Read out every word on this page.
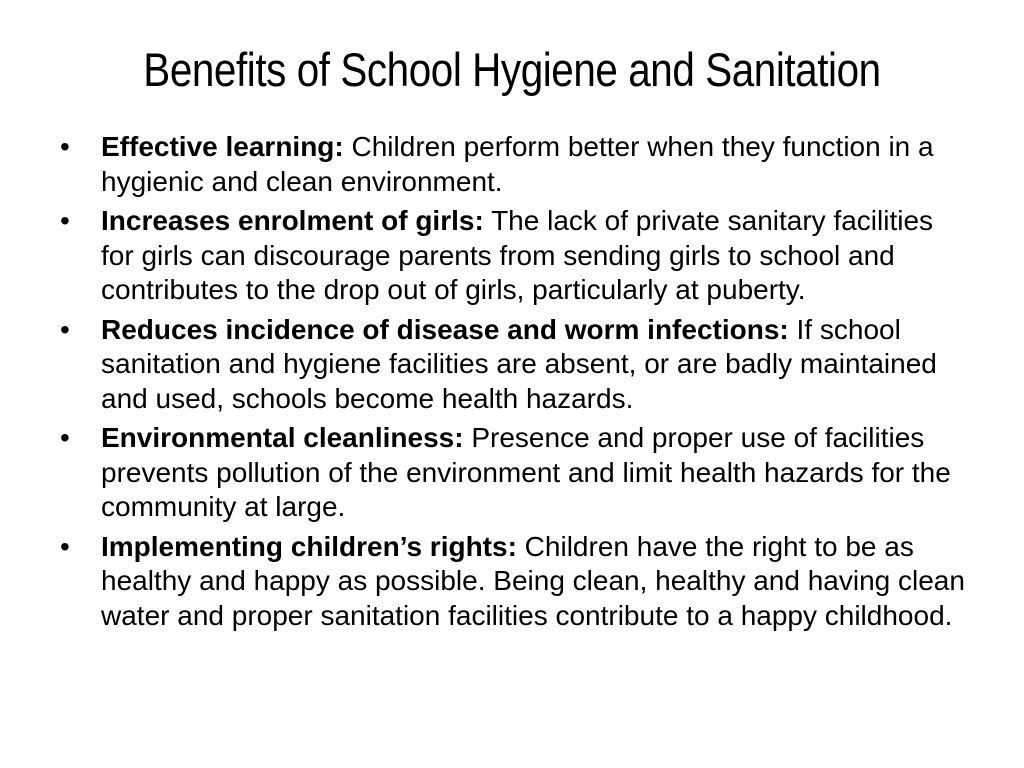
Benefits of School Hygiene and Sanitation
•	Effective learning: Children perform better when they function in a hygienic and clean environment.
•	Increases enrolment of girls: The lack of private sanitary facilities for girls can discourage parents from sending girls to school and contributes to the drop out of girls, particularly at puberty.
•	Reduces incidence of disease and worm infections: If school sanitation and hygiene facilities are absent, or are badly maintained and used, schools become health hazards.
•	Environmental cleanliness: Presence and proper use of facilities prevents pollution of the environment and limit health hazards for the community at large.
•	Implementing children’s rights: Children have the right to be as healthy and happy as possible. Being clean, healthy and having clean water and proper sanitation facilities contribute to a happy childhood.
